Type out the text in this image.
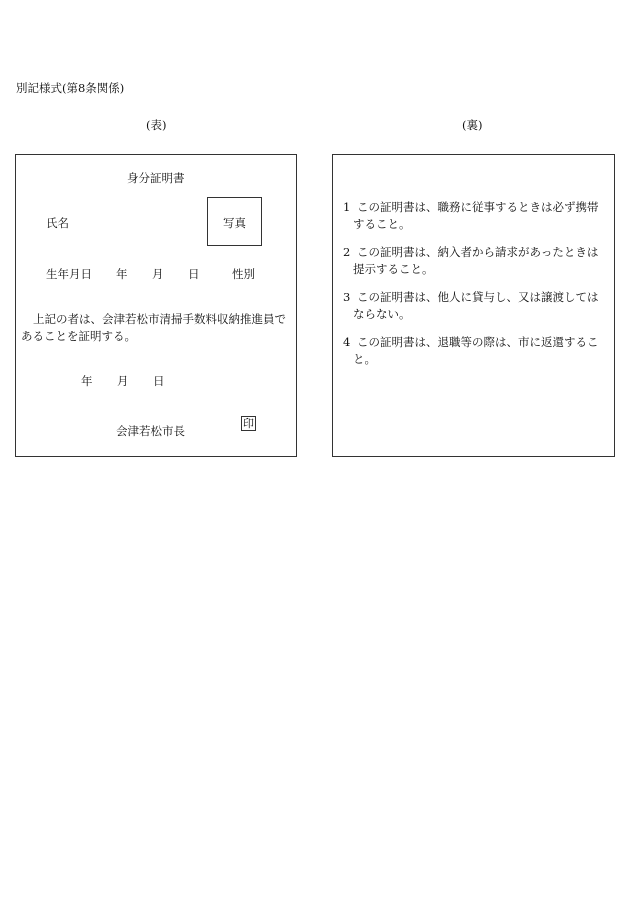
別記様式(第8条関係)
(表)	(裏)
身分証明書
氏名	写真
生年月日 年 月 日	性別
上記の者は、会津若松市清掃手数料収納推進員で
あることを証明する。
年 月 日
会津若松市長
印
1 この証明書は、職務に従事するときは必ず携帯すること。
2 この証明書は、納入者から請求があったときは提示すること。
3 この証明書は、他人に貸与し、又は譲渡してはならない。
4 この証明書は、退職等の際は、市に返還すること。
